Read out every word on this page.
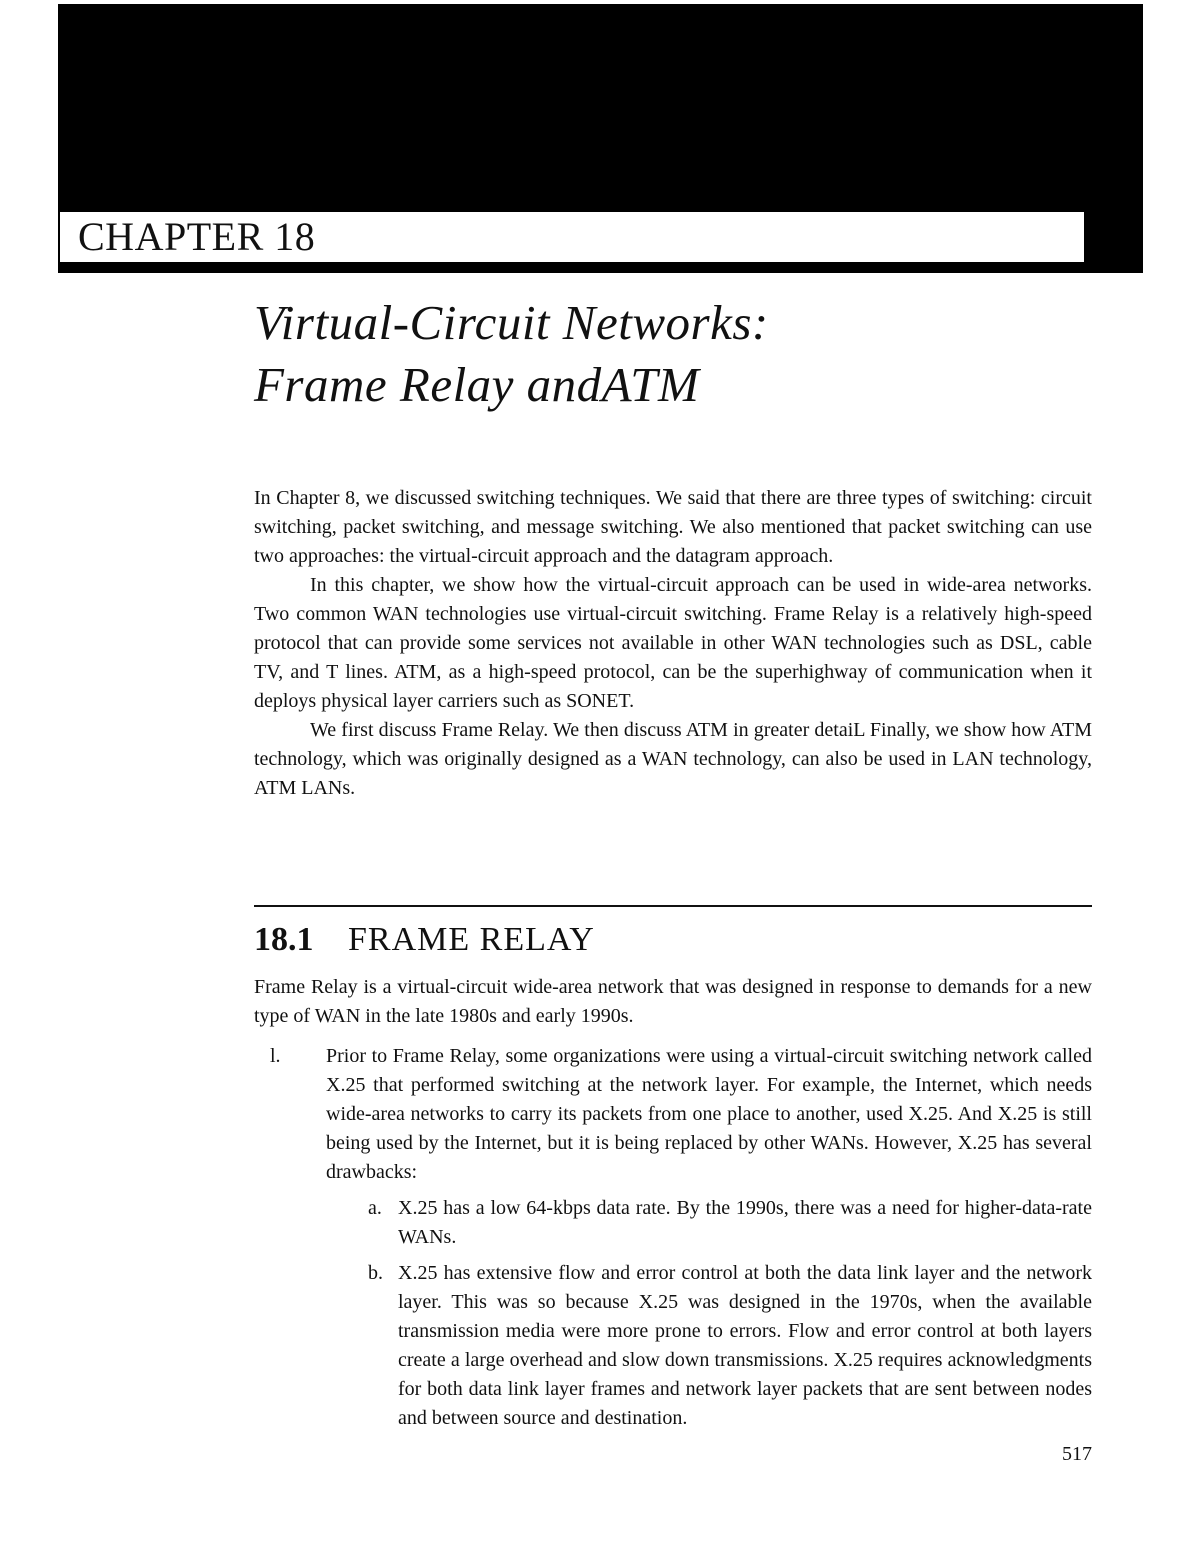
CHAPTER 18
Virtual-Circuit Networks:
Frame Relay andATM

In Chapter 8, we discussed switching techniques. We said that there are three types of switching: circuit switching, packet switching, and message switching. We also mentioned that packet switching can use two approaches: the virtual-circuit approach and the datagram approach.

In this chapter, we show how the virtual-circuit approach can be used in wide-area networks. Two common WAN technologies use virtual-circuit switching. Frame Relay is a relatively high-speed protocol that can provide some services not available in other WAN technologies such as DSL, cable TV, and T lines. ATM, as a high-speed protocol, can be the superhighway of communication when it deploys physical layer carriers such as SONET.

We first discuss Frame Relay. We then discuss ATM in greater detaiL Finally, we show how ATM technology, which was originally designed as a WAN technology, can also be used in LAN technology, ATM LANs.

18.1 FRAME RELAY

Frame Relay is a virtual-circuit wide-area network that was designed in response to demands for a new type of WAN in the late 1980s and early 1990s.

l. Prior to Frame Relay, some organizations were using a virtual-circuit switching network called X.25 that performed switching at the network layer. For example, the Internet, which needs wide-area networks to carry its packets from one place to another, used X.25. And X.25 is still being used by the Internet, but it is being replaced by other WANs. However, X.25 has several drawbacks:

a. X.25 has a low 64-kbps data rate. By the 1990s, there was a need for higher-data-rate WANs.

b. X.25 has extensive flow and error control at both the data link layer and the network layer. This was so because X.25 was designed in the 1970s, when the available transmission media were more prone to errors. Flow and error control at both layers create a large overhead and slow down transmissions. X.25 requires acknowledgments for both data link layer frames and network layer packets that are sent between nodes and between source and destination.

517
